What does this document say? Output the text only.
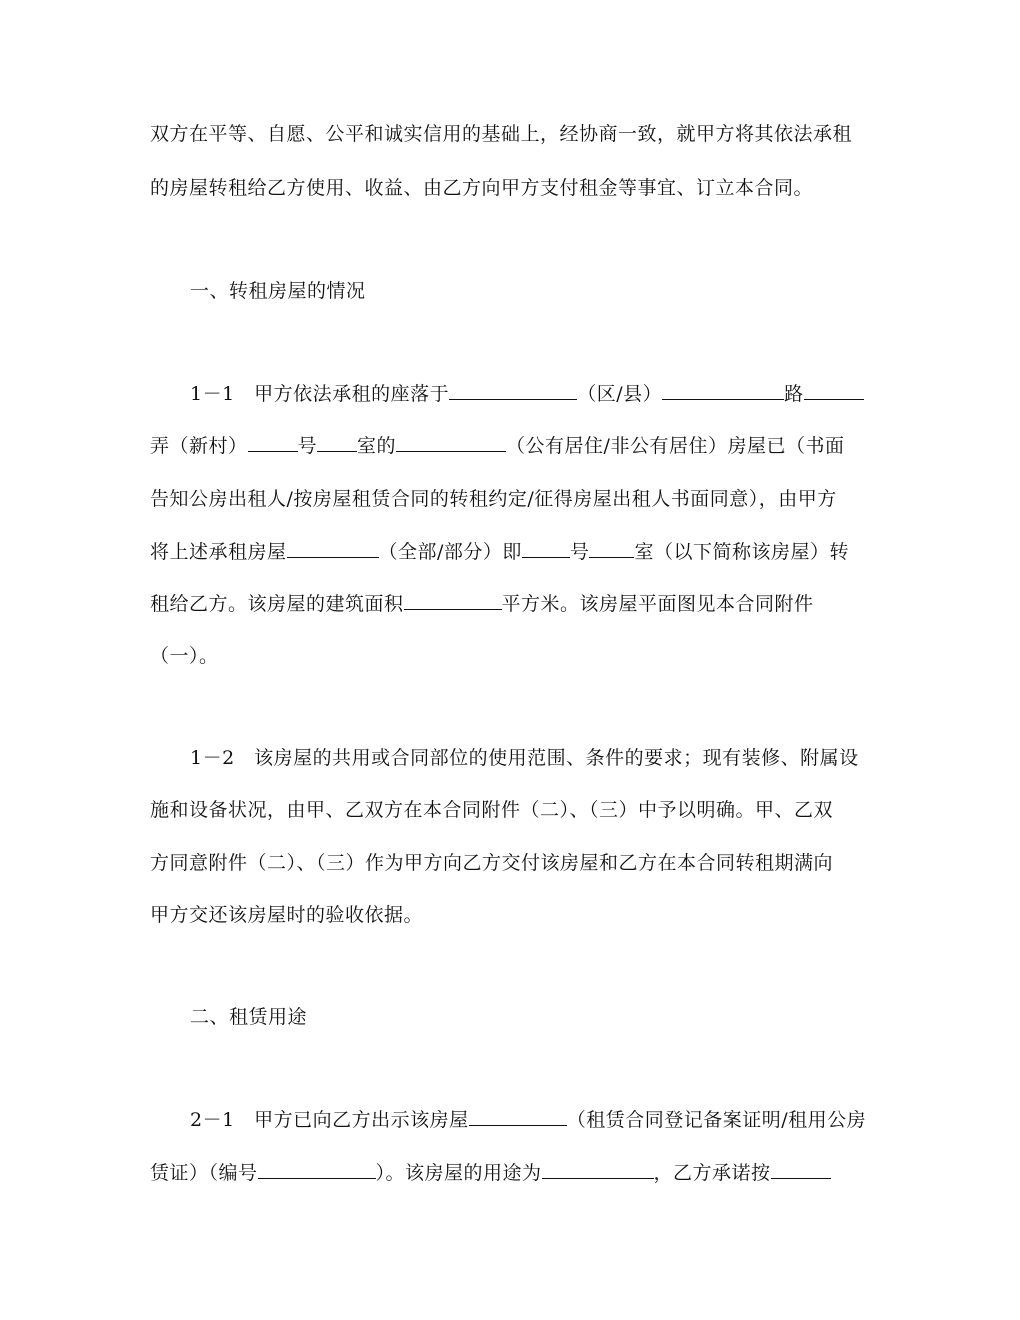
双方在平等、自愿、公平和诚实信用的基础上，经协商一致，就甲方将其依法承租
的房屋转租给乙方使用、收益、由乙方向甲方支付租金等事宜、订立本合同。
一、转租房屋的情况
1－1　甲方依法承租的座落于	（区/县）	路
弄（新村）	号 室的	（公有居住/非公有居住）房屋已（书面
告知公房出租人/按房屋租赁合同的转租约定/征得房屋出租人书面同意），由甲方
将上述承租房屋	（全部/部分）即	号 室（以下简称该房屋）转
租给乙方。该房屋的建筑面积	平方米。该房屋平面图见本合同附件
（一）。
1－2　该房屋的共用或合同部位的使用范围、条件的要求；现有装修、附属设
施和设备状况，由甲、乙双方在本合同附件（二）、（三）中予以明确。甲、乙双
方同意附件（二）、（三）作为甲方向乙方交付该房屋和乙方在本合同转租期满向
甲方交还该房屋时的验收依据。
二、租赁用途
2－1　甲方已向乙方出示该房屋	（租赁合同登记备案证明/租用公房
赁证）（编号	）。该房屋的用途为	，乙方承诺按
